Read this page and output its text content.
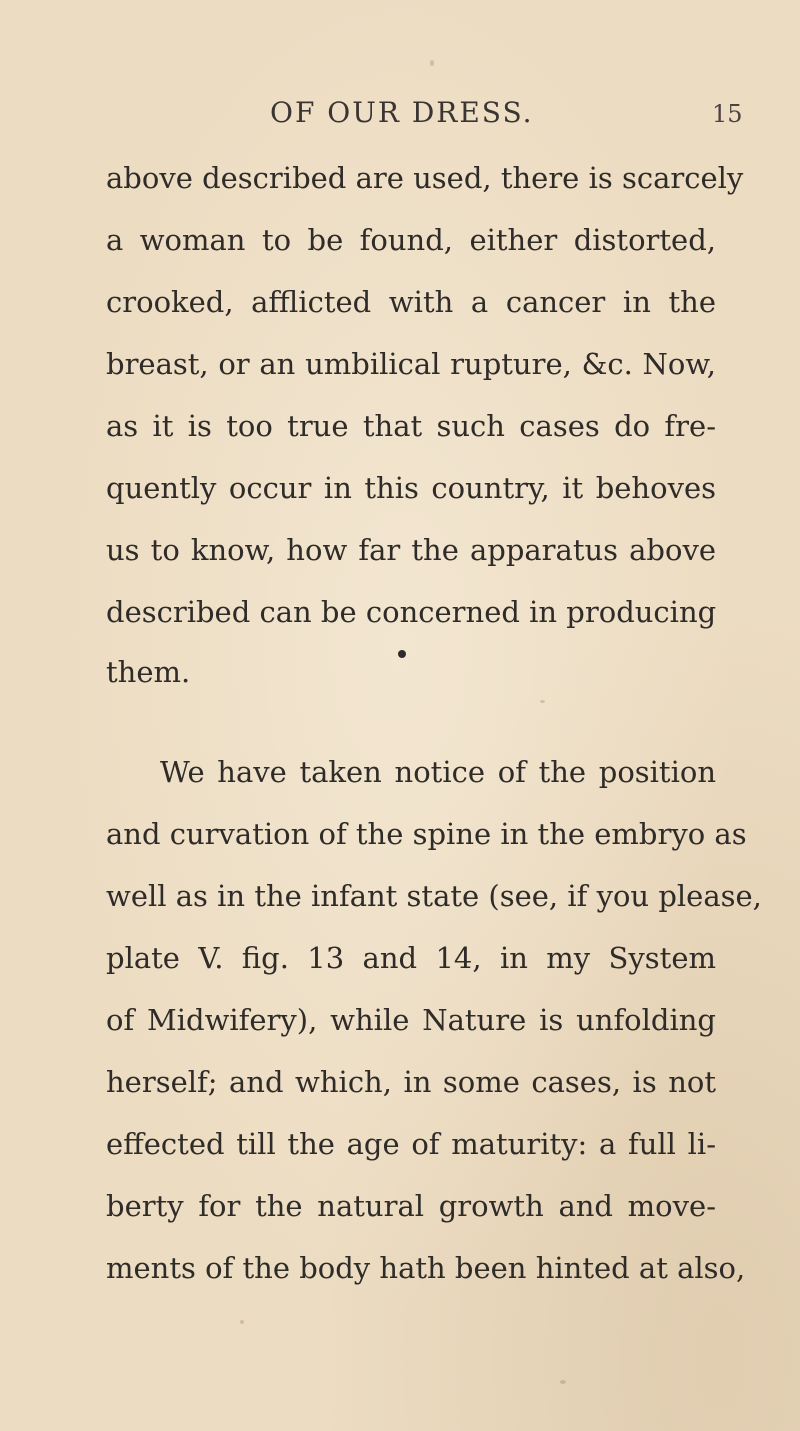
OF OUR DRESS.	15
above described are used, there is scarcely
a woman to be found, either distorted,
crooked, afflicted with a cancer in the
breast, or an umbilical rupture, &c. Now,
as it is too true that such cases do fre-
quently occur in this country, it behoves
us to know, how far the apparatus above
described can be concerned in producing
them.
We have taken notice of the position
and curvation of the spine in the embryo as
well as in the infant state (see, if you please,
plate V. fig. 13 and 14, in my System
of Midwifery), while Nature is unfolding
herself; and which, in some cases, is not
effected till the age of maturity: a full li-
berty for the natural growth and move-
ments of the body hath been hinted at also,
